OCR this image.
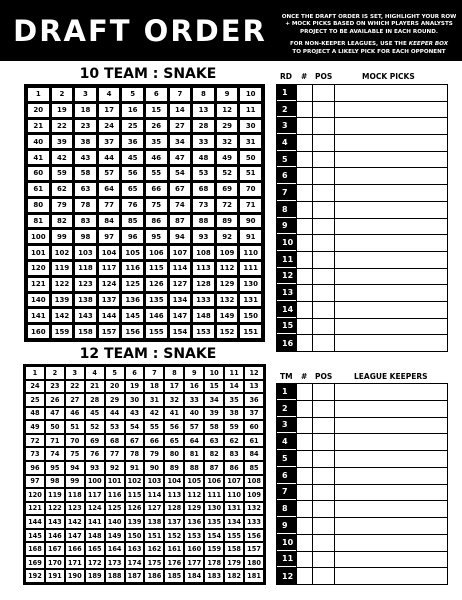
DRAFT ORDER	ONCE THE DRAFT ORDER IS SET, HIGHLIGHT YOUR ROW
+ MOCK PICKS BASED ON WHICH PLAYERS ANALYSTS
PROJECT TO BE AVAILABLE IN EACH ROUND.
FOR NON-KEEPER LEAGUES, USE THE KEEPER BOX
TO PROJECT A LIKELY PICK FOR EACH OPPONENT
10 TEAM : SNAKE
1	2	3	4	5	6	7	8	9	10
20	19	18	17	16	15	14	13	12	11
21	22	23	24	25	26	27	28	29	30
40	39	38	37	36	35	34	33	32	31
41	42	43	44	45	46	47	48	49	50
60	59	58	57	56	55	54	53	52	51
61	62	63	64	65	66	67	68	69	70
80	79	78	77	76	75	74	73	72	71
81	82	83	84	85	86	87	88	89	90
100	99	98	97	96	95	94	93	92	91
101	102	103	104	105	106	107	108	109	110
120	119	118	117	116	115	114	113	112	111
121	122	123	124	125	126	127	128	129	130
140	139	138	137	136	135	134	133	132	131
141	142	143	144	145	146	147	148	149	150
160	159	158	157	156	155	154	153	152	151
12 TEAM : SNAKE
1	2	3	4	5	6	7	8	9	10	11	12
24	23	22	21	20	19	18	17	16	15	14	13
25	26	27	28	29	30	31	32	33	34	35	36
48	47	46	45	44	43	42	41	40	39	38	37
49	50	51	52	53	54	55	56	57	58	59	60
72	71	70	69	68	67	66	65	64	63	62	61
73	74	75	76	77	78	79	80	81	82	83	84
96	95	94	93	92	91	90	89	88	87	86	85
97	98	99	100 101 102 103 104 105 106 107 108
120 119 118 117 116 115 114 113 112 111 110 109
121 122 123 124 125 126 127 128 129 130 131 132
144 143 142 141 140 139 138 137 136 135 134 133
145 146 147 148 149 150 151 152 153 154 155 156
168 167 166 165 164 163 162 161 160 159 158 157
169 170 171 172 173 174 175 176 177 178 179 180
192 191 190 189 188 187 186 185 184 183 182 181
RD # POS	MOCK PICKS
1
2
3
4
5
6
7
8
9
10
11
12
13
14
15
16
TM # POS	LEAGUE KEEPERS
1
2
3
4
5
6
7
8
9
10
11
12
